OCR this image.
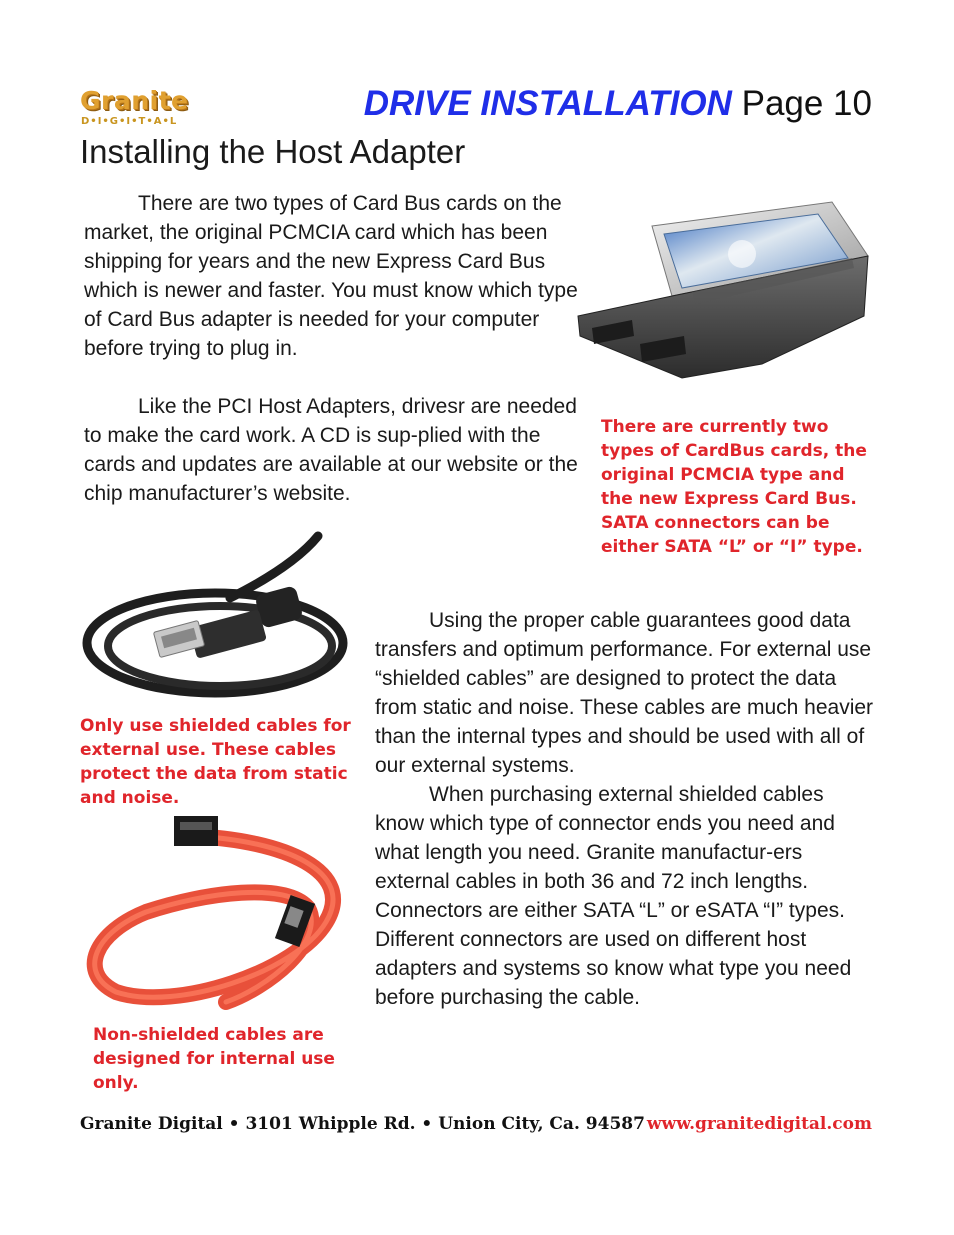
Granite
D•I•G•I•T•A•L	DRIVE INSTALLATION Page 10
Installing the Host Adapter

There are two types of Card Bus cards on the market, the original PCMCIA card which has been shipping for years and the new Express Card Bus which is newer and faster. You must know which type of Card Bus adapter is needed for your computer before trying to plug in.

Like the PCI Host Adapters, drivesr are needed to make the card work. A CD is sup-plied with the cards and updates are available at our website or the chip manufacturer’s website.

There are currently two types of CardBus cards, the original PCMCIA type and the new Express Card Bus. SATA connectors can be either SATA “L” or “I” type.
Only use shielded cables for external use. These cables protect the data from static and noise.
Non-shielded cables are designed for internal use only.

Using the proper cable guarantees good data transfers and optimum performance. For external use “shielded cables” are designed to protect the data from static and noise. These cables are much heavier than the internal types and should be used with all of our external systems.

When purchasing external shielded cables know which type of connector ends you need and what length you need. Granite manufactur-ers external cables in both 36 and 72 inch lengths. Connectors are either SATA “L” or eSATA “I” types. Different connectors are used on different host adapters and systems so know what type you need before purchasing the cable.

Granite Digital • 3101 Whipple Rd. • Union City, Ca. 94587 www.granitedigital.com
